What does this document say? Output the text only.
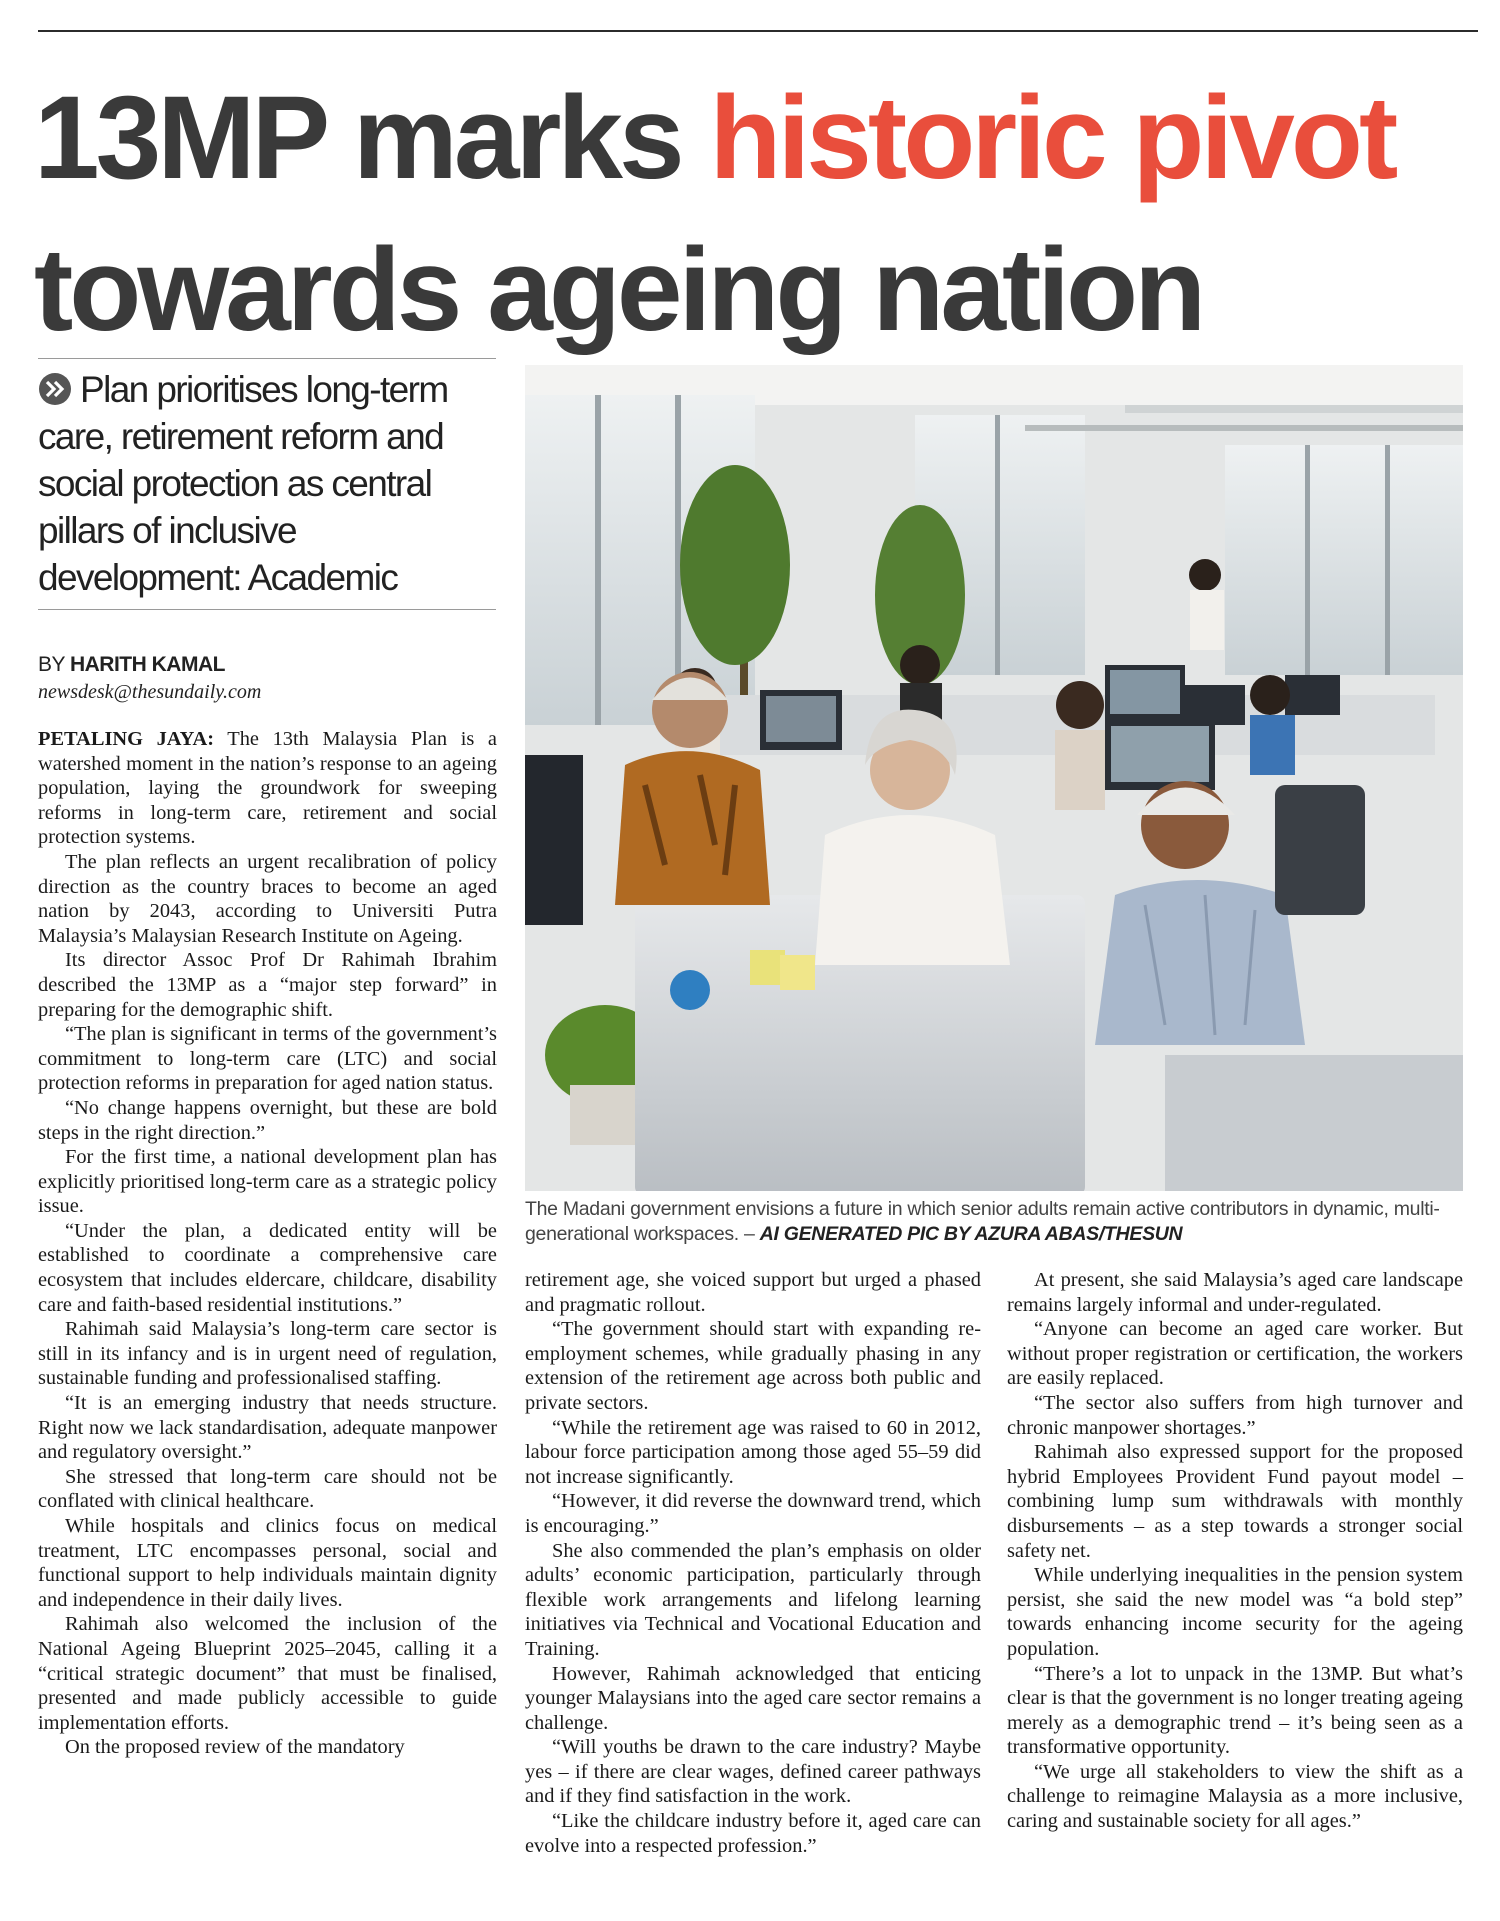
13MP marks historic pivot
towards ageing nation
Plan prioritises long-term care, retirement reform and social protection as central pillars of inclusive development: Academic
BY HARITH KAMAL
newsdesk@thesundaily.com

PETALING JAYA: The 13th Malaysia Plan is a watershed moment in the nation’s response to an ageing population, laying the groundwork for sweeping reforms in long-term care, retirement and social protection systems.

The plan reflects an urgent recalibration of policy direction as the country braces to become an aged nation by 2043, according to Universiti Putra Malaysia’s Malaysian Research Institute on Ageing.

Its director Assoc Prof Dr Rahimah Ibrahim described the 13MP as a “major step forward” in preparing for the demographic shift.

“The plan is significant in terms of the government’s commitment to long-term care (LTC) and social protection reforms in preparation for aged nation status.

“No change happens overnight, but these are bold steps in the right direction.”

For the first time, a national development plan has explicitly prioritised long-term care as a strategic policy issue.

“Under the plan, a dedicated entity will be established to coordinate a comprehensive care ecosystem that includes eldercare, childcare, disability care and faith-based residential institutions.”

Rahimah said Malaysia’s long-term care sector is still in its infancy and is in urgent need of regulation, sustainable funding and professionalised staffing.

“It is an emerging industry that needs structure. Right now we lack standardisation, adequate manpower and regulatory oversight.”

She stressed that long-term care should not be conflated with clinical healthcare.

While hospitals and clinics focus on medical treatment, LTC encompasses personal, social and functional support to help individuals maintain dignity and independence in their daily lives.

Rahimah also welcomed the inclusion of the National Ageing Blueprint 2025–2045, calling it a “critical strategic document” that must be finalised, presented and made publicly accessible to guide implementation efforts.

On the proposed review of the mandatory

The Madani government envisions a future in which senior adults remain active contributors in dynamic, multi-generational workspaces. – AI GENERATED PIC BY AZURA ABAS/THESUN

retirement age, she voiced support but urged a phased and pragmatic rollout.

“The government should start with expanding re-employment schemes, while gradually phasing in any extension of the retirement age across both public and private sectors.

“While the retirement age was raised to 60 in 2012, labour force participation among those aged 55–59 did not increase significantly.

“However, it did reverse the downward trend, which is encouraging.”

She also commended the plan’s emphasis on older adults’ economic participation, particularly through flexible work arrangements and lifelong learning initiatives via Technical and Vocational Education and Training.

However, Rahimah acknowledged that enticing younger Malaysians into the aged care sector remains a challenge.

“Will youths be drawn to the care industry? Maybe yes – if there are clear wages, defined career pathways and if they find satisfaction in the work.

“Like the childcare industry before it, aged care can evolve into a respected profession.”

At present, she said Malaysia’s aged care landscape remains largely informal and under-regulated.

“Anyone can become an aged care worker. But without proper registration or certification, the workers are easily replaced.

“The sector also suffers from high turnover and chronic manpower shortages.”

Rahimah also expressed support for the proposed hybrid Employees Provident Fund payout model – combining lump sum withdrawals with monthly disbursements – as a step towards a stronger social safety net.

While underlying inequalities in the pension system persist, she said the new model was “a bold step” towards enhancing income security for the ageing population.

“There’s a lot to unpack in the 13MP. But what’s clear is that the government is no longer treating ageing merely as a demographic trend – it’s being seen as a transformative opportunity.

“We urge all stakeholders to view the shift as a challenge to reimagine Malaysia as a more inclusive, caring and sustainable society for all ages.”
